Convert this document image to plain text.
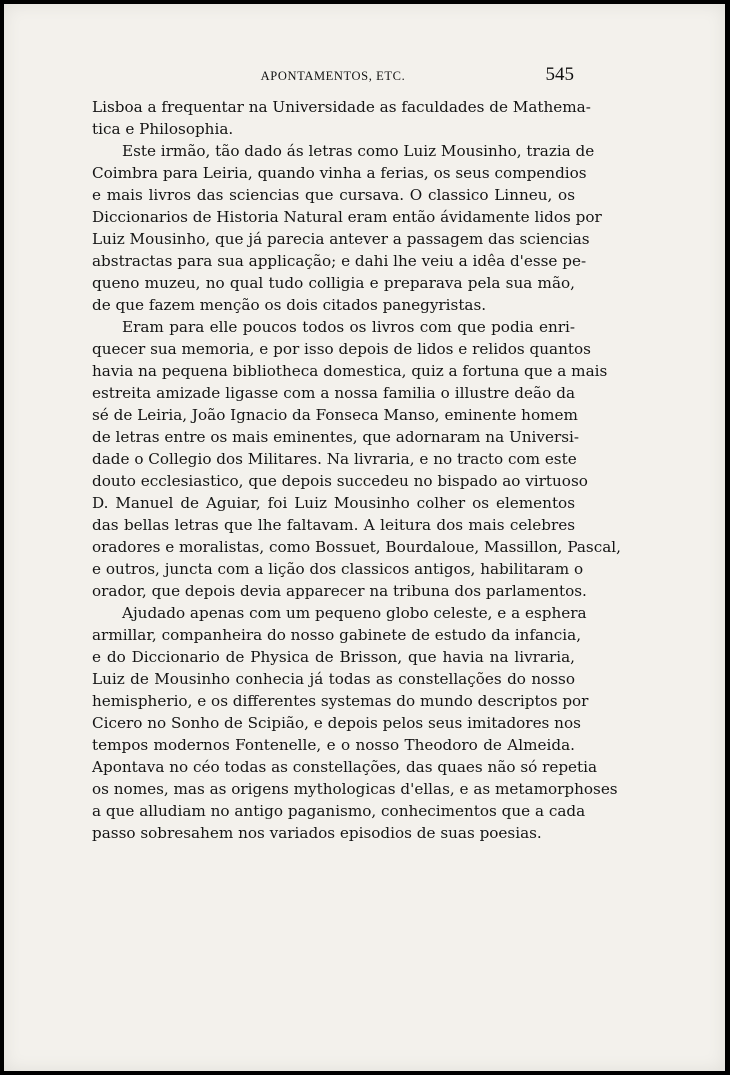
APONTAMENTOS, ETC.	545
Lisboa a frequentar na Universidade as faculdades de Mathema-
tica e Philosophia.
Este irmão, tão dado ás letras como Luiz Mousinho, trazia de
Coimbra para Leiria, quando vinha a ferias, os seus compendios
e mais livros das sciencias que cursava. O classico Linneu, os
Diccionarios de Historia Natural eram então ávidamente lidos por
Luiz Mousinho, que já parecia antever a passagem das sciencias
abstractas para sua applicação; e dahi lhe veiu a idêa d'esse pe-
queno muzeu, no qual tudo colligia e preparava pela sua mão,
de que fazem menção os dois citados panegyristas.
Eram para elle poucos todos os livros com que podia enri-
quecer sua memoria, e por isso depois de lidos e relidos quantos
havia na pequena bibliotheca domestica, quiz a fortuna que a mais
estreita amizade ligasse com a nossa familia o illustre deão da
sé de Leiria, João Ignacio da Fonseca Manso, eminente homem
de letras entre os mais eminentes, que adornaram na Universi-
dade o Collegio dos Militares. Na livraria, e no tracto com este
douto ecclesiastico, que depois succedeu no bispado ao virtuoso
D. Manuel de Aguiar, foi Luiz Mousinho colher os elementos
das bellas letras que lhe faltavam. A leitura dos mais celebres
oradores e moralistas, como Bossuet, Bourdaloue, Massillon, Pascal,
e outros, juncta com a lição dos classicos antigos, habilitaram o
orador, que depois devia apparecer na tribuna dos parlamentos.
Ajudado apenas com um pequeno globo celeste, e a esphera
armillar, companheira do nosso gabinete de estudo da infancia,
e do Diccionario de Physica de Brisson, que havia na livraria,
Luiz de Mousinho conhecia já todas as constellações do nosso
hemispherio, e os differentes systemas do mundo descriptos por
Cicero no Sonho de Scipião, e depois pelos seus imitadores nos
tempos modernos Fontenelle, e o nosso Theodoro de Almeida.
Apontava no céo todas as constellações, das quaes não só repetia
os nomes, mas as origens mythologicas d'ellas, e as metamorphoses
a que alludiam no antigo paganismo, conhecimentos que a cada
passo sobresahem nos variados episodios de suas poesias.
